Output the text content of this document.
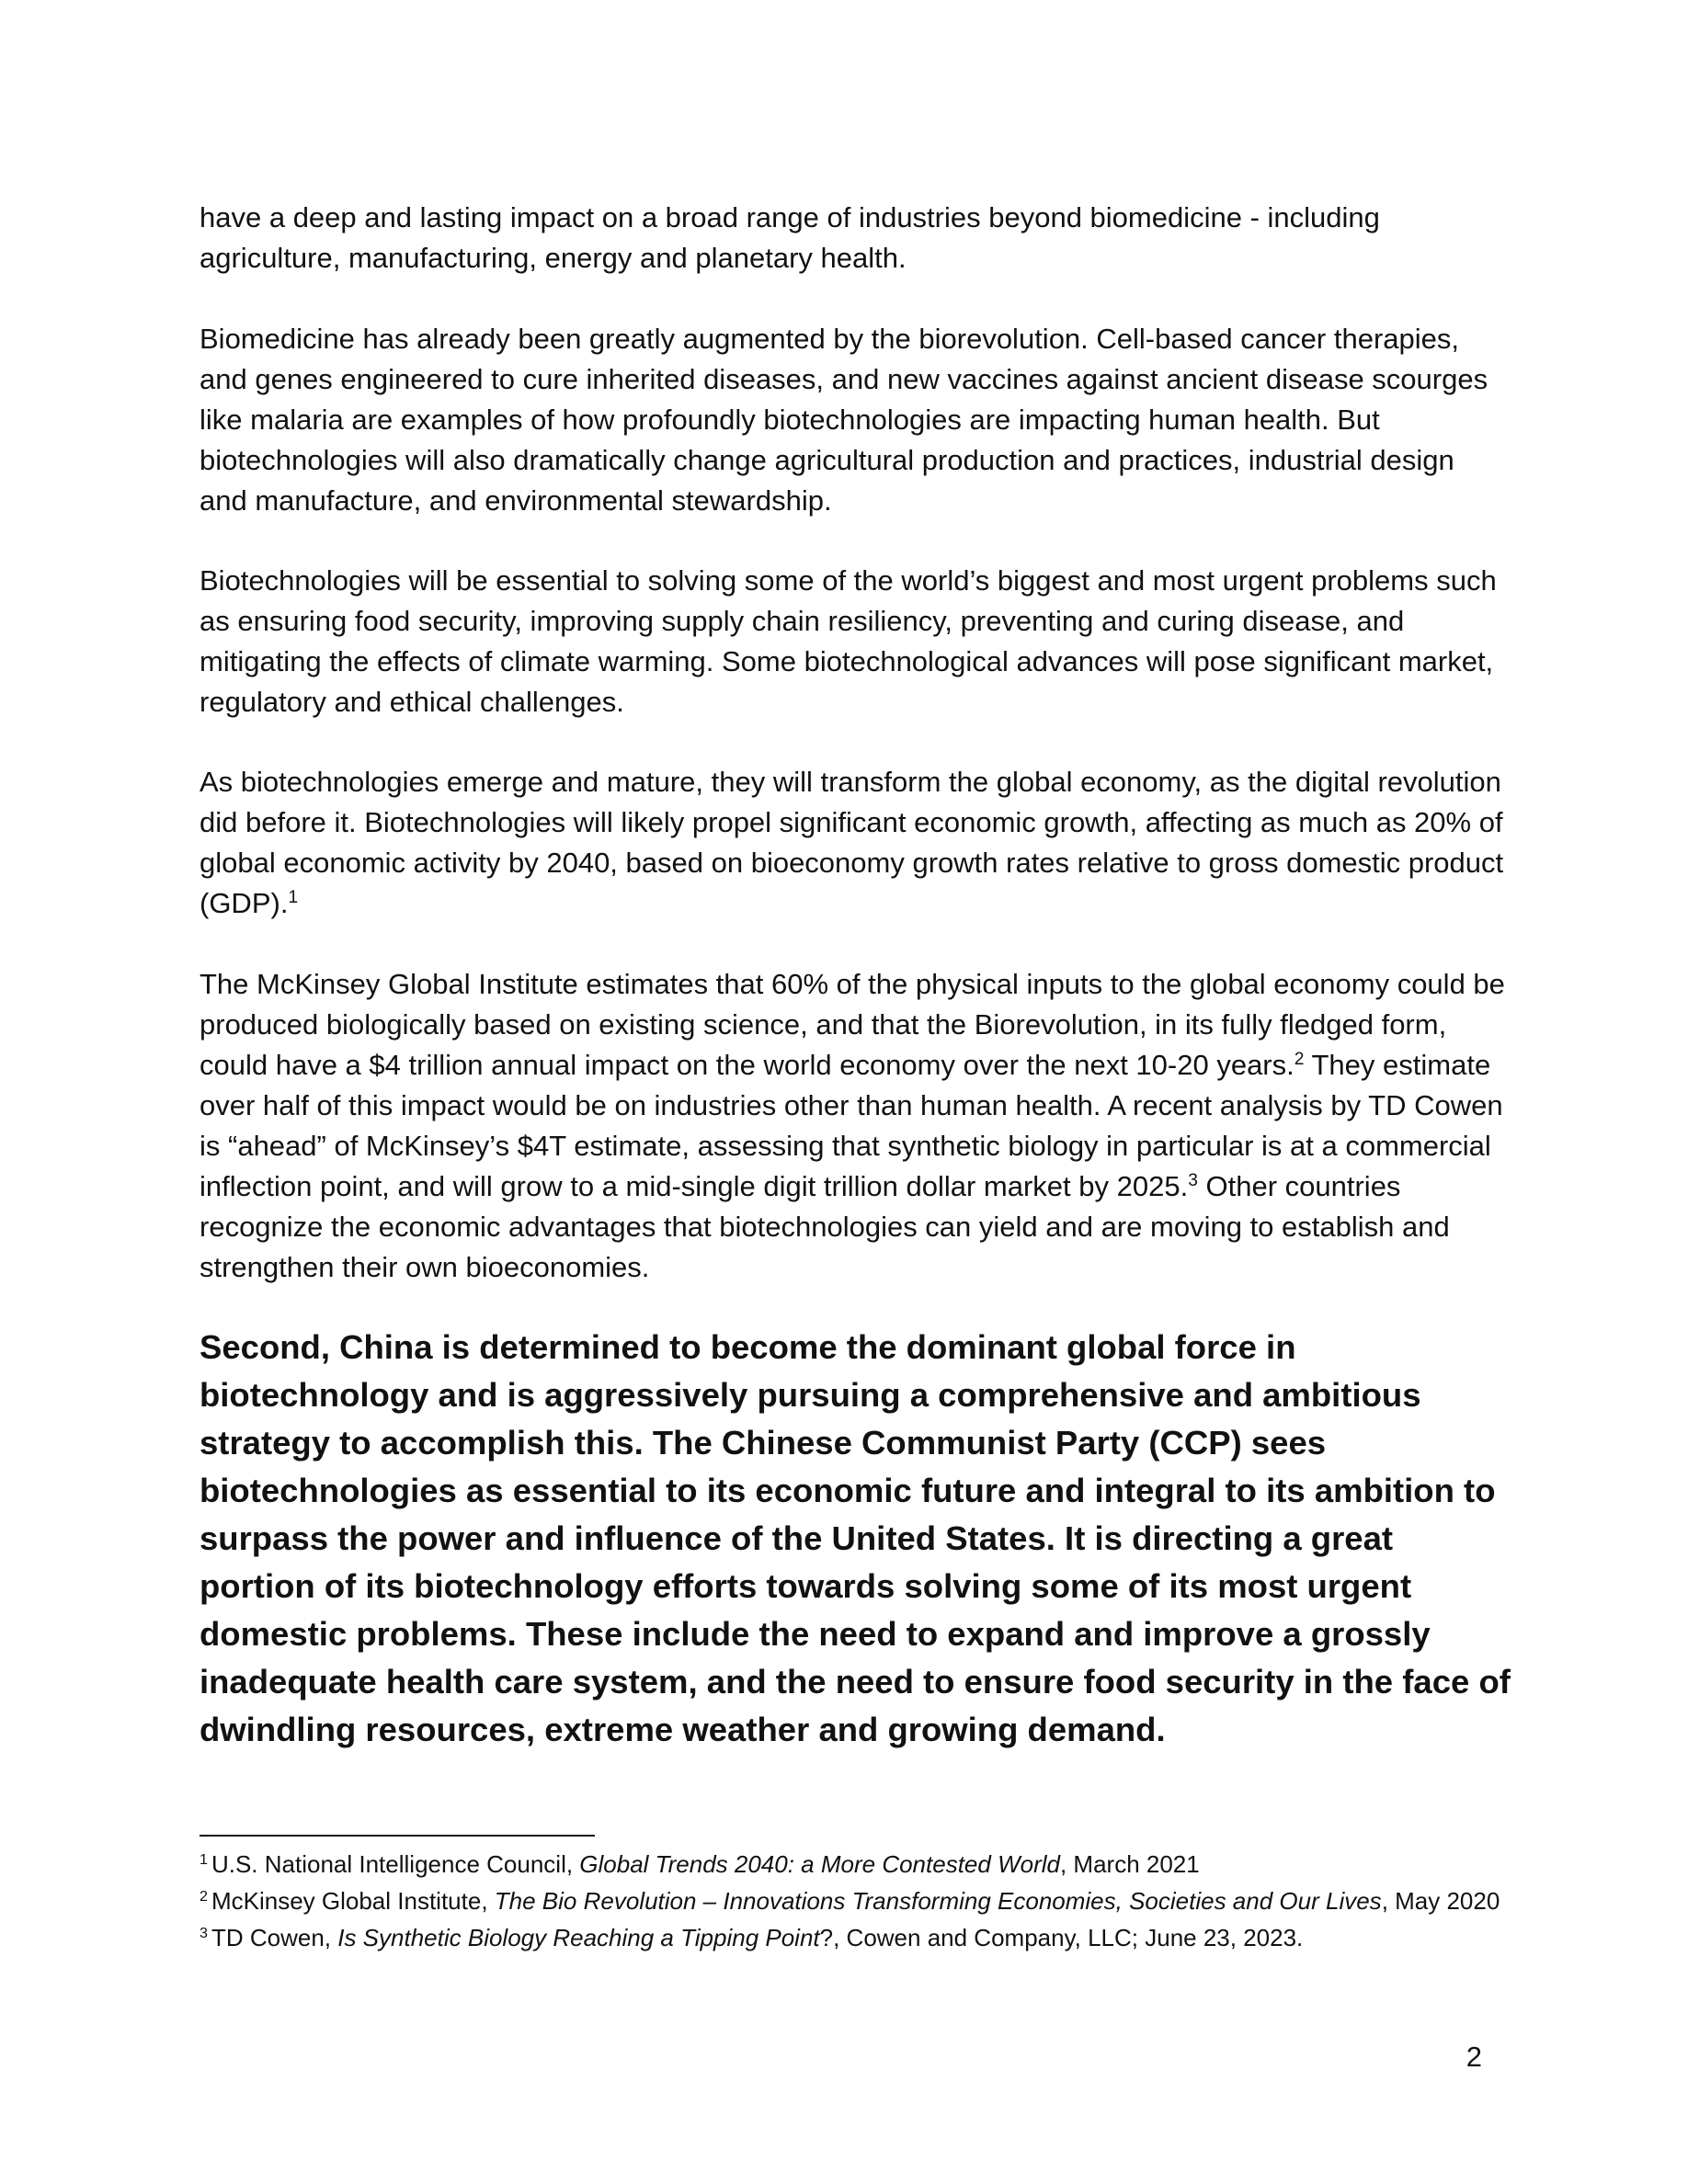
have a deep and lasting impact on a broad range of industries beyond biomedicine - including agriculture, manufacturing, energy and planetary health.

Biomedicine has already been greatly augmented by the biorevolution. Cell-based cancer therapies, and genes engineered to cure inherited diseases, and new vaccines against ancient disease scourges like malaria are examples of how profoundly biotechnologies are impacting human health. But biotechnologies will also dramatically change agricultural production and practices, industrial design and manufacture, and environmental stewardship.

Biotechnologies will be essential to solving some of the world’s biggest and most urgent problems such as ensuring food security, improving supply chain resiliency, preventing and curing disease, and mitigating the effects of climate warming. Some biotechnological advances will pose significant market, regulatory and ethical challenges.

As biotechnologies emerge and mature, they will transform the global economy, as the digital revolution did before it. Biotechnologies will likely propel significant economic growth, affecting as much as 20% of global economic activity by 2040, based on bioeconomy growth rates relative to gross domestic product (GDP).$^1$

The McKinsey Global Institute estimates that 60% of the physical inputs to the global economy could be produced biologically based on existing science, and that the Biorevolution, in its fully fledged form, could have a $4 trillion annual impact on the world economy over the next 10-20 years.$^2$ They estimate over half of this impact would be on industries other than human health. A recent analysis by TD Cowen is “ahead” of McKinsey’s $4T estimate, assessing that synthetic biology in particular is at a commercial inflection point, and will grow to a mid-single digit trillion dollar market by 2025.$^3$ Other countries recognize the economic advantages that biotechnologies can yield and are moving to establish and strengthen their own bioeconomies.

Second, China is determined to become the dominant global force in biotechnology and is aggressively pursuing a comprehensive and ambitious strategy to accomplish this. The Chinese Communist Party (CCP) sees biotechnologies as essential to its economic future and integral to its ambition to surpass the power and influence of the United States. It is directing a great portion of its biotechnology efforts towards solving some of its most urgent domestic problems. These include the need to expand and improve a grossly inadequate health care system, and the need to ensure food security in the face of dwindling resources, extreme weather and growing demand.

$^1$ U.S. National Intelligence Council, Global Trends 2040: a More Contested World, March 2021

$^2$ McKinsey Global Institute, The Bio Revolution – Innovations Transforming Economies, Societies and Our Lives, May 2020

$^3$ TD Cowen, Is Synthetic Biology Reaching a Tipping Point?, Cowen and Company, LLC; June 23, 2023.

2
